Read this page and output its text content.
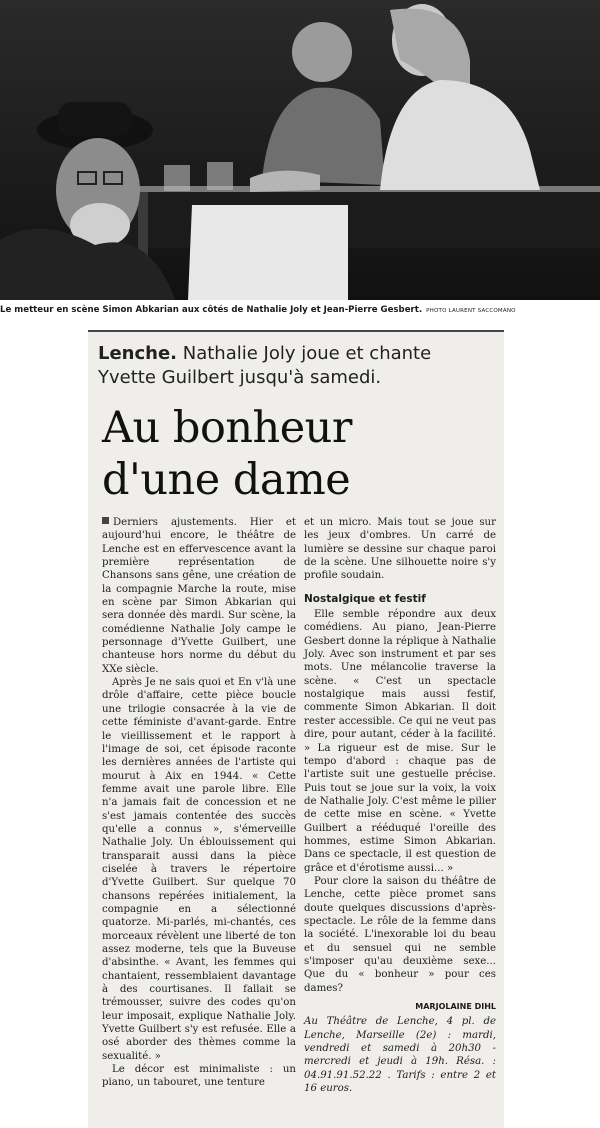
Le metteur en scène Simon Abkarian aux côtés de Nathalie Joly et Jean-Pierre Gesbert. PHOTO LAURENT SACCOMANO
Lenche. Nathalie Joly joue et chante
Yvette Guilbert jusqu'à samedi.
Au bonheur
d'une dame

Derniers ajustements. Hier et aujourd'hui encore, le théâtre de Lenche est en effervescence avant la première représentation de Chansons sans gêne, une création de la compagnie Marche la route, mise en scène par Simon Abkarian qui sera donnée dès mardi. Sur scène, la comédienne Nathalie Joly campe le personnage d'Yvette Guilbert, une chanteuse hors norme du début du XXe siècle.

Après Je ne sais quoi et En v'là une drôle d'affaire, cette pièce boucle une trilogie consacrée à la vie de cette féministe d'avant-garde. Entre le vieillissement et le rapport à l'image de soi, cet épisode raconte les dernières années de l'artiste qui mourut à Aix en 1944. « Cette femme avait une parole libre. Elle n'a jamais fait de concession et ne s'est jamais contentée des succès qu'elle a connus », s'émerveille Nathalie Joly. Un éblouissement qui transparait aussi dans la pièce ciselée à travers le répertoire d'Yvette Guilbert. Sur quelque 70 chansons repérées initialement, la compagnie en a sélectionné quatorze. Mi-parlés, mi-chantés, ces morceaux révèlent une liberté de ton assez moderne, tels que la Buveuse d'absinthe. « Avant, les femmes qui chantaient, ressemblaient davantage à des courtisanes. Il fallait se trémousser, suivre des codes qu'on leur imposait, explique Nathalie Joly. Yvette Guilbert s'y est refusée. Elle a osé aborder des thèmes comme la sexualité. »

Le décor est minimaliste : un piano, un tabouret, une tenture

et un micro. Mais tout se joue sur les jeux d'ombres. Un carré de lumière se dessine sur chaque paroi de la scène. Une silhouette noire s'y profile soudain.

Nostalgique et festif

Elle semble répondre aux deux comédiens. Au piano, Jean-Pierre Gesbert donne la réplique à Nathalie Joly. Avec son instrument et par ses mots. Une mélancolie traverse la scène. « C'est un spectacle nostalgique mais aussi festif, commente Simon Abkarian. Il doit rester accessible. Ce qui ne veut pas dire, pour autant, céder à la facilité. » La rigueur est de mise. Sur le tempo d'abord : chaque pas de l'artiste suit une gestuelle précise. Puis tout se joue sur la voix, la voix de Nathalie Joly. C'est même le pilier de cette mise en scène. « Yvette Guilbert a rééduqué l'oreille des hommes, estime Simon Abkarian. Dans ce spectacle, il est question de grâce et d'érotisme aussi... »

Pour clore la saison du théâtre de Lenche, cette pièce promet sans doute quelques discussions d'après-spectacle. Le rôle de la femme dans la société. L'inexorable loi du beau et du sensuel qui ne semble s'imposer qu'au deuxième sexe... Que du « bonheur » pour ces dames?

MARJOLAINE DIHL

Au Théâtre de Lenche, 4 pl. de Lenche, Marseille (2e) : mardi, vendredi et samedi à 20h30 - mercredi et jeudi à 19h. Résa. : 04.91.91.52.22 . Tarifs : entre 2 et 16 euros.
